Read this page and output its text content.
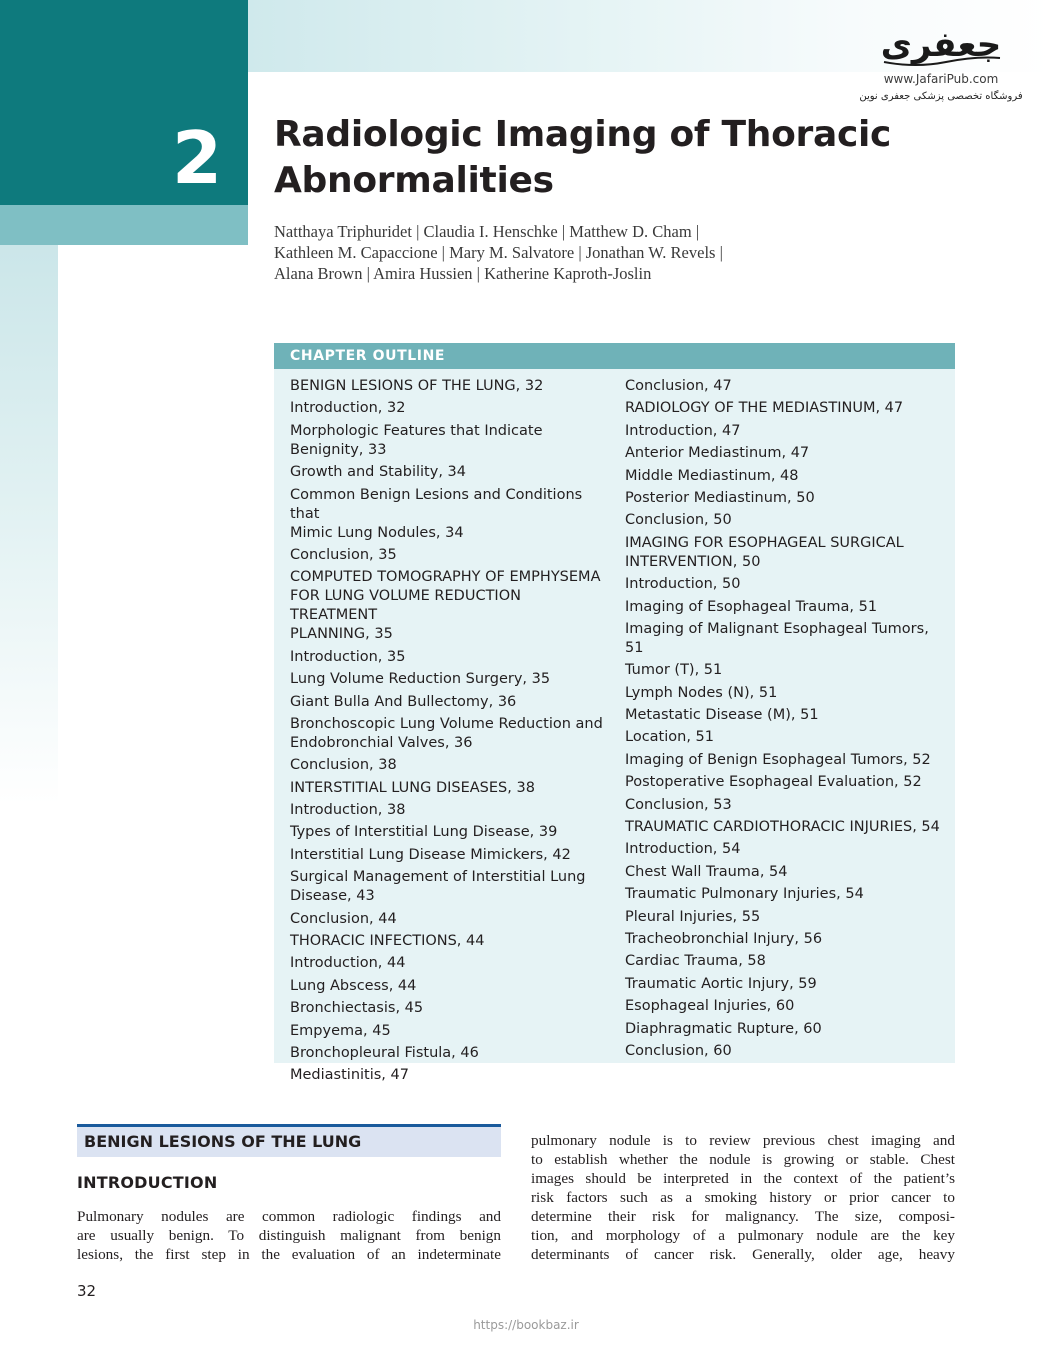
2 Radiologic Imaging of Thoracic
Abnormalities
جعفری
www.JafariPub.com
فروشگاه تخصصی پزشکی جعفری نوین
Natthaya Triphuridet | Claudia I. Henschke | Matthew D. Cham |
Kathleen M. Capaccione | Mary M. Salvatore | Jonathan W. Revels |
Alana Brown | Amira Hussien | Katherine Kaproth-Joslin
CHAPTER OUTLINE
BENIGN LESIONS OF THE LUNG, 32
Introduction, 32
Morphologic Features that Indicate
Benignity, 33
Growth and Stability, 34
Common Benign Lesions and Conditions that
Mimic Lung Nodules, 34
Conclusion, 35
COMPUTED TOMOGRAPHY OF EMPHYSEMA
FOR LUNG VOLUME REDUCTION TREATMENT
PLANNING, 35
Introduction, 35
Lung Volume Reduction Surgery, 35
Giant Bulla And Bullectomy, 36
Bronchoscopic Lung Volume Reduction and
Endobronchial Valves, 36
Conclusion, 38
INTERSTITIAL LUNG DISEASES, 38
Introduction, 38
Types of Interstitial Lung Disease, 39
Interstitial Lung Disease Mimickers, 42
Surgical Management of Interstitial Lung
Disease, 43
Conclusion, 44
THORACIC INFECTIONS, 44
Introduction, 44
Lung Abscess, 44
Bronchiectasis, 45
Empyema, 45
Bronchopleural Fistula, 46
Mediastinitis, 47
Conclusion, 47
RADIOLOGY OF THE MEDIASTINUM, 47
Introduction, 47
Anterior Mediastinum, 47
Middle Mediastinum, 48
Posterior Mediastinum, 50
Conclusion, 50
IMAGING FOR ESOPHAGEAL SURGICAL
INTERVENTION, 50
Introduction, 50
Imaging of Esophageal Trauma, 51
Imaging of Malignant Esophageal Tumors, 51
Tumor (T), 51
Lymph Nodes (N), 51
Metastatic Disease (M), 51
Location, 51
Imaging of Benign Esophageal Tumors, 52
Postoperative Esophageal Evaluation, 52
Conclusion, 53
TRAUMATIC CARDIOTHORACIC INJURIES, 54
Introduction, 54
Chest Wall Trauma, 54
Traumatic Pulmonary Injuries, 54
Pleural Injuries, 55
Tracheobronchial Injury, 56
Cardiac Trauma, 58
Traumatic Aortic Injury, 59
Esophageal Injuries, 60
Diaphragmatic Rupture, 60
Conclusion, 60
BENIGN LESIONS OF THE LUNG
INTRODUCTION

Pulmonary nodules are common radiologic findings and
are usually benign. To distinguish malignant from benign
lesions, the first step in the evaluation of an indeterminate

pulmonary nodule is to review previous chest imaging and
to establish whether the nodule is growing or stable. Chest
images should be interpreted in the context of the patient’s
risk factors such as a smoking history or prior cancer to
determine their risk for malignancy. The size, composi-
tion, and morphology of a pulmonary nodule are the key
determinants of cancer risk. Generally, older age, heavy

32

https://bookbaz.ir
